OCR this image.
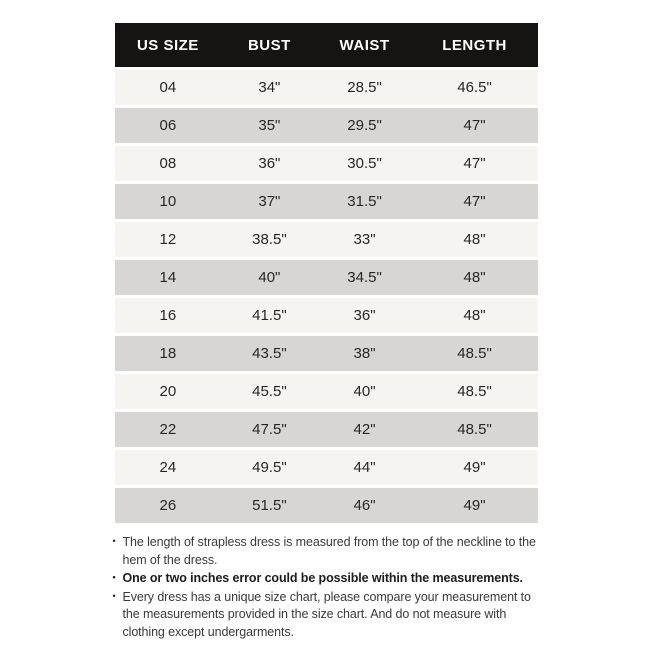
US SIZE	BUST	WAIST	LENGTH
04	34"	28.5"	46.5"
06	35"	29.5"	47"
08	36"	30.5"	47"
10	37"	31.5"	47"
12	38.5"	33"	48"
14	40"	34.5"	48"
16	41.5"	36"	48"
18	43.5"	38"	48.5"
20	45.5"	40"	48.5"
22	47.5"	42"	48.5"
24	49.5"	44"	49"
26	51.5"	46"	49"
• The length of strapless dress is measured from the top of the neckline to the hem of the dress.
• One or two inches error could be possible within the measurements.
• Every dress has a unique size chart, please compare your measurement to the measurements provided in the size chart. And do not measure with clothing except undergarments.
